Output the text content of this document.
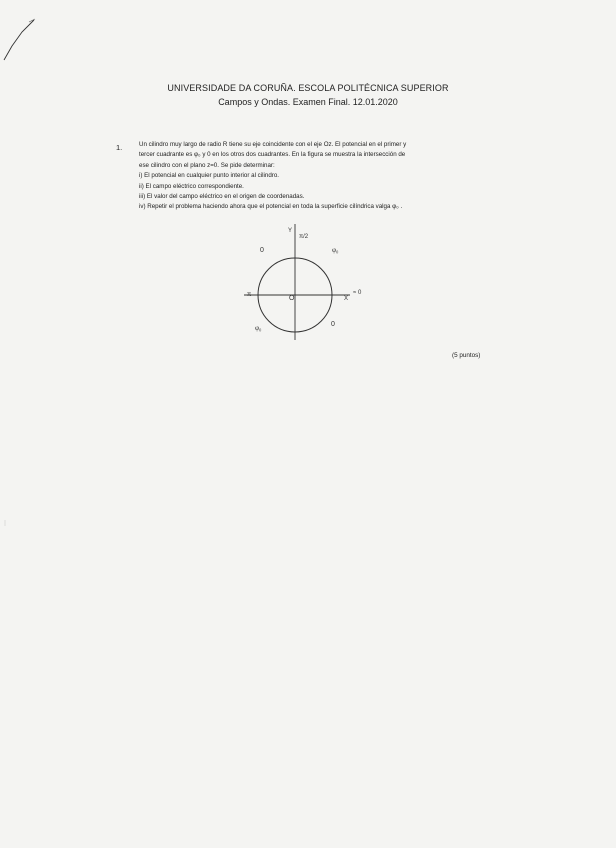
UNIVERSIDADE DA CORUÑA. ESCOLA POLITÉCNICA SUPERIOR
Campos y Ondas. Examen Final. 12.01.2020
1.	Un cilindro muy largo de radio R tiene su eje coincidente con el eje Oz. El potencial en el primer y

tercer cuadrante es φ₀ y 0 en los otros dos cuadrantes. En la figura se muestra la intersección de

ese cilindro con el plano z=0. Se pide determinar:

i) El potencial en cualquier punto interior al cilindro.

ii) El campo eléctrico correspondiente.

iii) El valor del campo eléctrico en el origen de coordenadas.

iv) Repetir el problema haciendo ahora que el potencial en toda la superficie cilíndrica valga φ₀ .

Y
π/2
0	φ₀
O	X
≈ 0
π
φ₀	0
(5 puntos)
